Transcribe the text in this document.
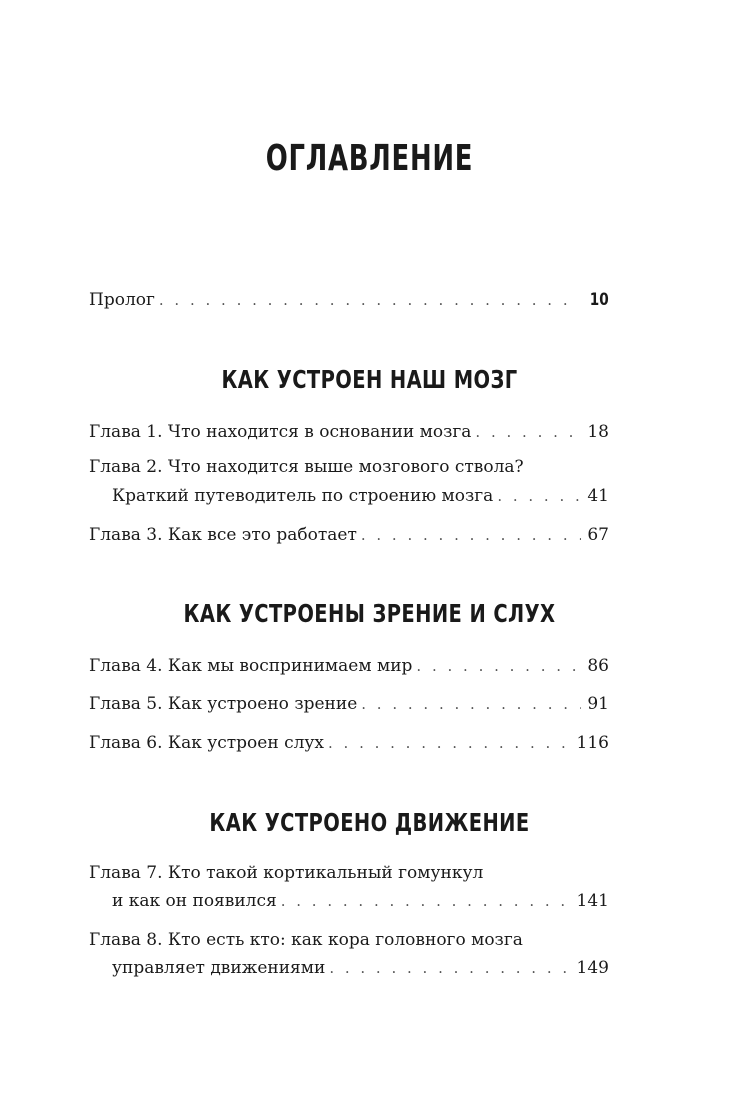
ОГЛАВЛЕНИЕ
Пролог . . .	10
КАК УСТРОЕН НАШ МОЗГ
Глава 1. Что находится в основании мозга . . .	18
Глава 2. Что находится выше мозгового ствола?
Краткий путеводитель по строению мозга . . .	41
Глава 3. Как все это работает . . .	67
КАК УСТРОЕНЫ ЗРЕНИЕ И СЛУХ
Глава 4. Как мы воспринимаем мир . . .	86
Глава 5. Как устроено зрение . . .	91
Глава 6. Как устроен слух . . .	116
КАК УСТРОЕНО ДВИЖЕНИЕ
Глава 7. Кто такой кортикальный гомункул
и как он появился . . .	141
Глава 8. Кто есть кто: как кора головного мозга
управляет движениями . . .	149
